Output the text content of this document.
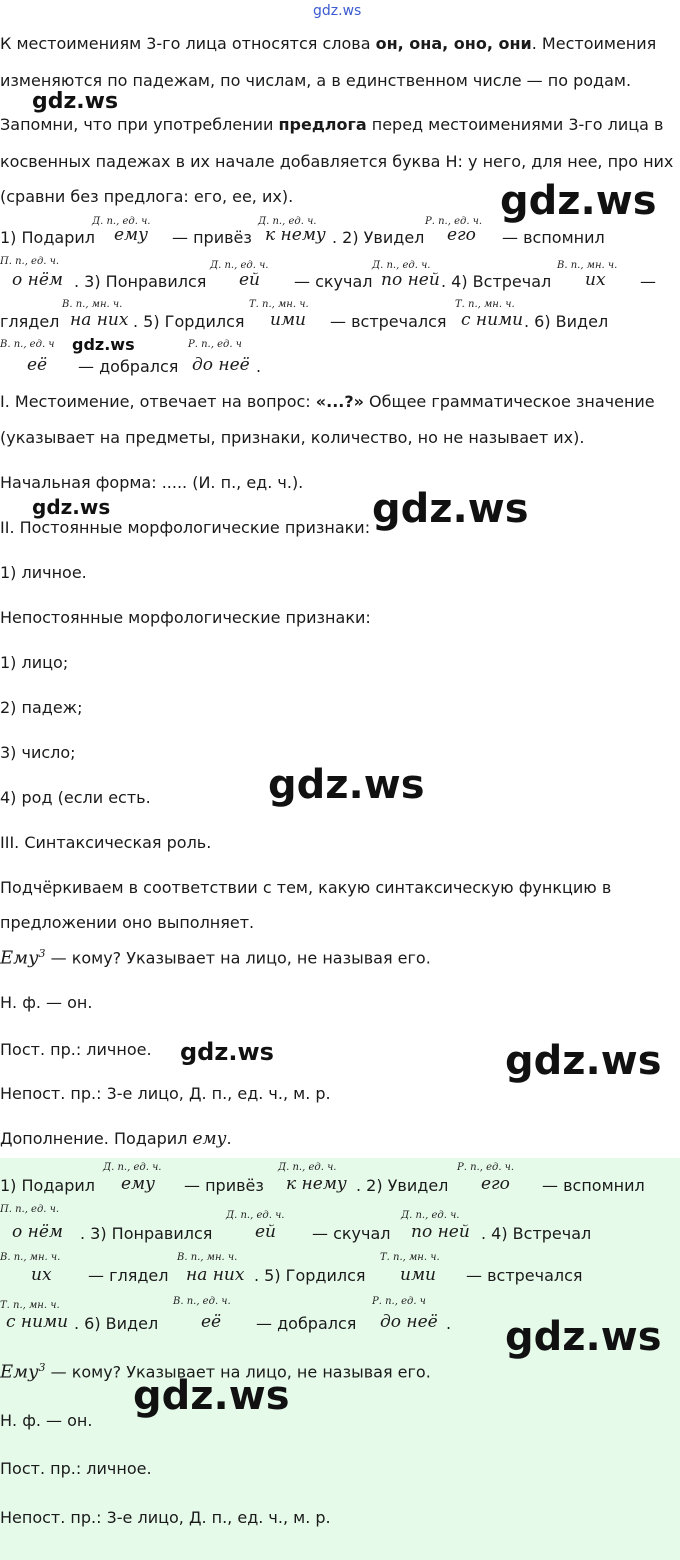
gdz.ws
К местоимениям 3-го лица относятся слова он, она, оно, они. Местоимения
изменяются по падежам, по числам, а в единственном числе — по родам.
gdz.ws
Запомни, что при употреблении предлога перед местоимениями 3-го лица в
косвенных падежах в их начале добавляется буква Н: у него, для нее, про них
(сравни без предлога: его, ее, их).	gdz.ws
Д. п., ед. ч.	Д. п., ед. ч.	Р. п., ед. ч.
1) Подарил ему — привёз к нему . 2) Увидел его — вспомнил
П. п., ед. ч.	Д. п., ед. ч.	Д. п., ед. ч.	В. п., мн. ч.
о нём . 3) Понравился ей — скучал по ней . 4) Встречал их —
В. п., мн. ч.	Т. п., мн. ч.	Т. п., мн. ч.
глядел на них . 5) Гордился ими — встречался с ними . 6) Видел
В. п., ед. ч gdz.ws	Р. п., ед. ч
её — добрался до неё .
I. Местоимение, отвечает на вопрос: «...?» Общее грамматическое значение
(указывает на предметы, признаки, количество, но не называет их).
Начальная форма: ..... (И. п., ед. ч.).
gdz.ws
II. Постоянные морфологические признаки: gdz.ws
1) личное.
Непостоянные морфологические признаки:
1) лицо;
2) падеж;
3) число;
4) род (если есть.	gdz.ws
III. Синтаксическая роль.
Подчёркиваем в соответствии с тем, какую синтаксическую функцию в
предложении оно выполняет.
Ему$^3$ — кому? Указывает на лицо, не называя его.
Н. ф. — он.
Пост. пр.: личное. gdz.ws	gdz.ws
Непост. пр.: 3-е лицо, Д. п., ед. ч., м. р.
Дополнение. Подарил ему.
Д. п., ед. ч.	Д. п., ед. ч.	Р. п., ед. ч.
1) Подарил ему — привёз к нему . 2) Увидел его — вспомнил
П. п., ед. ч.
Д. п., ед. ч.	Д. п., ед. ч.
о нём . 3) Понравился	ей — скучал по ней . 4) Встречал
В. п., мн. ч.	В. п., мн. ч.	Т. п., мн. ч.
их — глядел на них . 5) Гордился ими — встречался
Т. п., мн. ч.	В. п., ед. ч.	Р. п., ед. ч
с ними . 6) Видел	её — добрался до неё . gdz.ws
Ему$^3$ — кому? Указывает на лицо, не называя его.
gdz.ws
Н. ф. — он.
Пост. пр.: личное.
Непост. пр.: 3-е лицо, Д. п., ед. ч., м. р.
